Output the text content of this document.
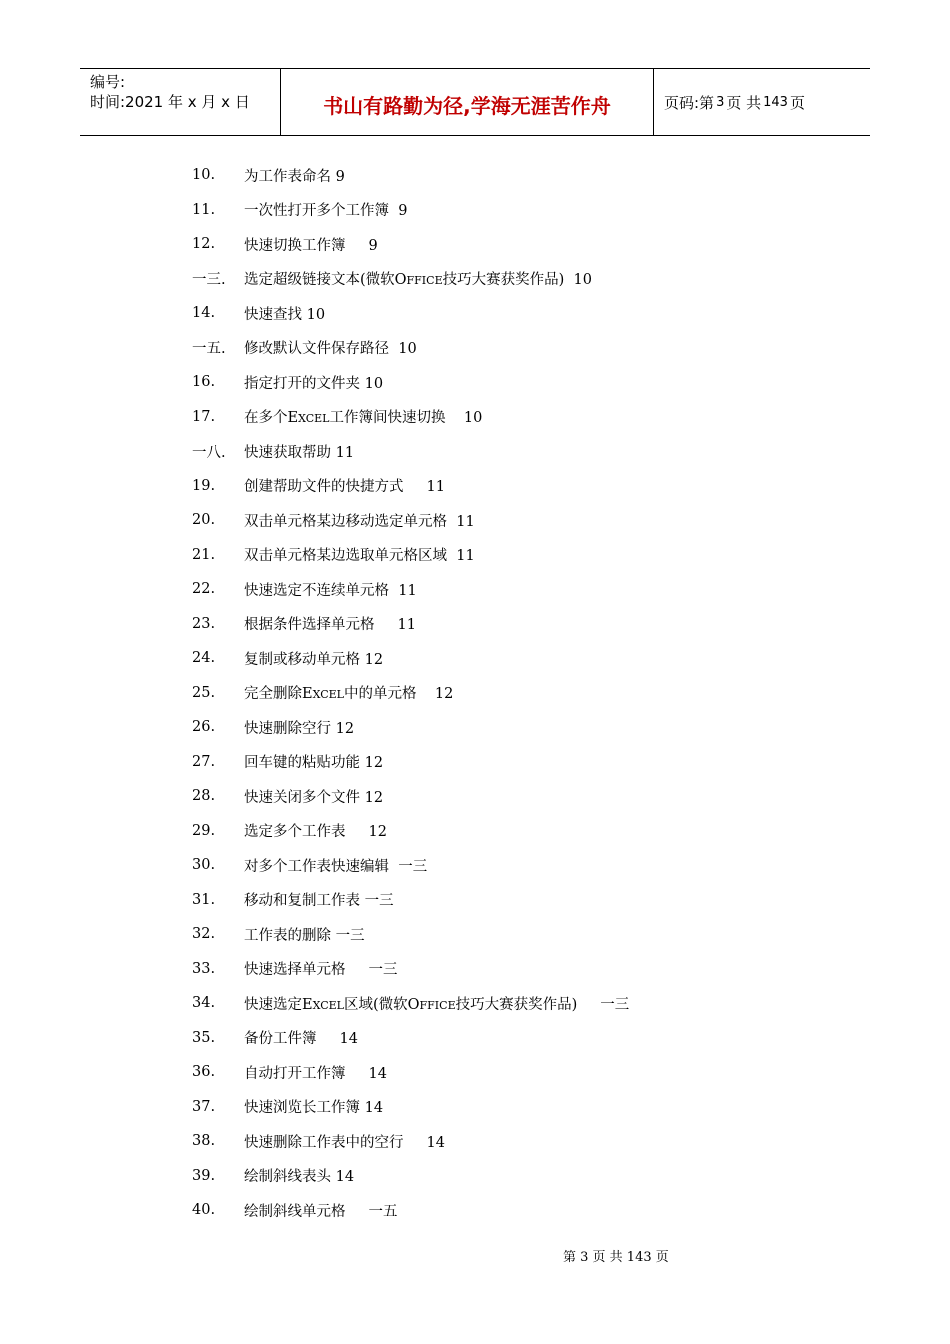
编号:
时间:2021 年 x 月 x 日	书山有路勤为径,学海无涯苦作舟	页码:第 3 页 共 143 页
10.	为工作表命名 9
11.	一次性打开多个工作簿  9
12.	快速切换工作簿     9
一三.	选定超级链接文本(微软OFFICE技巧大赛获奖作品)  10
14.	快速查找 10
一五.	修改默认文件保存路径  10
16.	指定打开的文件夹 10
17.	在多个EXCEL工作簿间快速切换    10
一八.	快速获取帮助 11
19.	创建帮助文件的快捷方式     11
20.	双击单元格某边移动选定单元格  11
21.	双击单元格某边选取单元格区域  11
22.	快速选定不连续单元格  11
23.	根据条件选择单元格     11
24.	复制或移动单元格 12
25.	完全删除EXCEL中的单元格    12
26.	快速删除空行 12
27.	回车键的粘贴功能 12
28.	快速关闭多个文件 12
29.	选定多个工作表     12
30.	对多个工作表快速编辑  一三
31.	移动和复制工作表 一三
32.	工作表的删除 一三
33.	快速选择单元格     一三
34.	快速选定EXCEL区域(微软OFFICE技巧大赛获奖作品)     一三
35.	备份工件簿     14
36.	自动打开工作簿     14
37.	快速浏览长工作簿 14
38.	快速删除工作表中的空行     14
39.	绘制斜线表头 14
40.	绘制斜线单元格     一五
第 3 页 共 143 页
